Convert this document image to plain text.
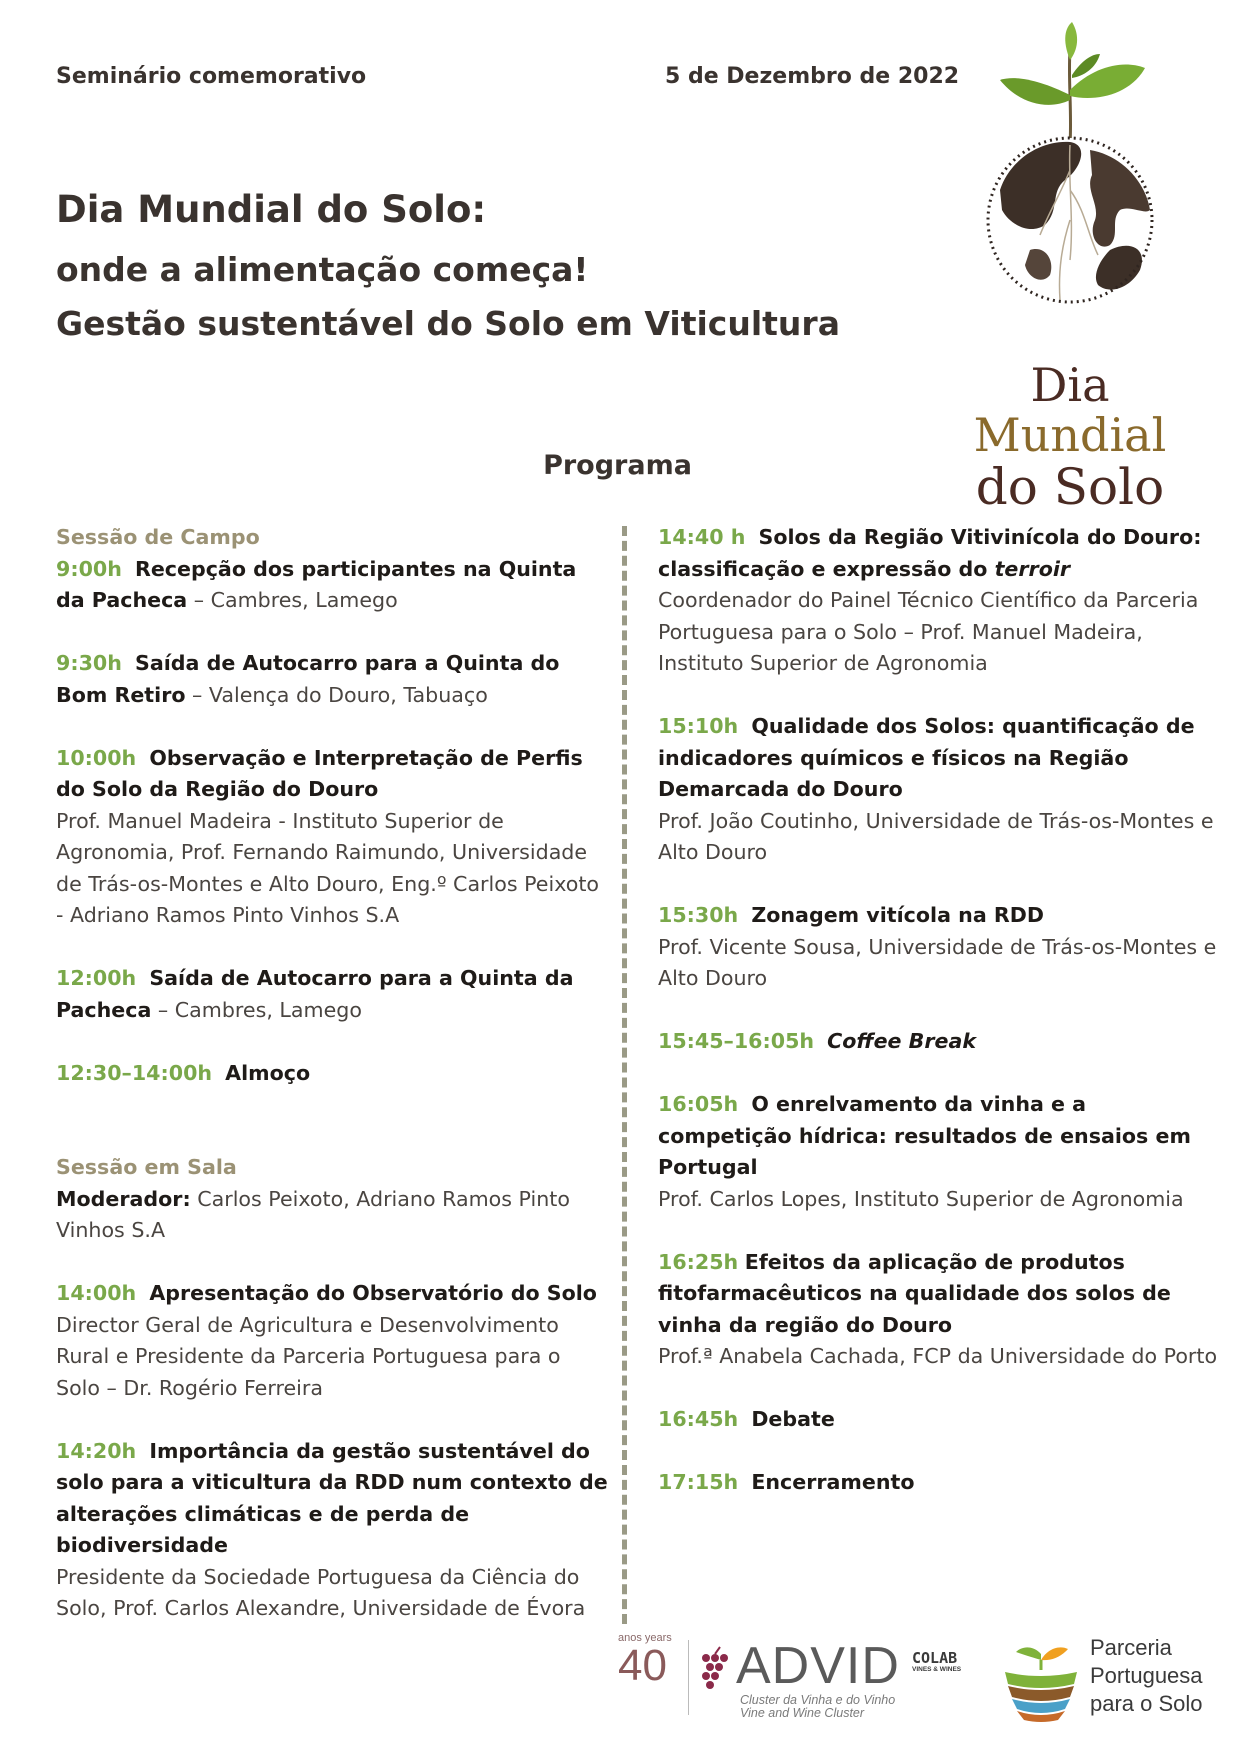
Seminário comemorativo	5 de Dezembro de 2022
Dia Mundial do Solo:
onde a alimentação começa!
Gestão sustentável do Solo em Viticultura
Dia Mundial
do Solo
Programa
Sessão de Campo
9:00h Recepção dos participantes na Quinta da Pacheca – Cambres, Lamego
9:30h Saída de Autocarro para a Quinta do Bom Retiro – Valença do Douro, Tabuaço
10:00h Observação e Interpretação de Perfis do Solo da Região do Douro
Prof. Manuel Madeira - Instituto Superior de Agronomia, Prof. Fernando Raimundo, Universidade de Trás-os-Montes e Alto Douro, Eng.º Carlos Peixoto - Adriano Ramos Pinto Vinhos S.A
12:00h Saída de Autocarro para a Quinta da Pacheca – Cambres, Lamego
12:30–14:00h Almoço
Sessão em Sala
Moderador: Carlos Peixoto, Adriano Ramos Pinto Vinhos S.A
14:00h Apresentação do Observatório do Solo
Director Geral de Agricultura e Desenvolvimento Rural e Presidente da Parceria Portuguesa para o Solo – Dr. Rogério Ferreira
14:20h Importância da gestão sustentável do solo para a viticultura da RDD num contexto de alterações climáticas e de perda de biodiversidade
Presidente da Sociedade Portuguesa da Ciência do Solo, Prof. Carlos Alexandre, Universidade de Évora
14:40 h Solos da Região Vitivinícola do Douro: classificação e expressão do terroir
Coordenador do Painel Técnico Científico da Parceria Portuguesa para o Solo – Prof. Manuel Madeira, Instituto Superior de Agronomia
15:10h Qualidade dos Solos: quantificação de indicadores químicos e físicos na Região Demarcada do Douro
Prof. João Coutinho, Universidade de Trás-os-Montes e Alto Douro
15:30h Zonagem vitícola na RDD
Prof. Vicente Sousa, Universidade de Trás-os-Montes e Alto Douro
15:45–16:05h Coffee Break
16:05h O enrelvamento da vinha e a competição hídrica: resultados de ensaios em Portugal
Prof. Carlos Lopes, Instituto Superior de Agronomia
16:25h Efeitos da aplicação de produtos fitofarmacêuticos na qualidade dos solos de vinha da região do Douro
Prof.ª Anabela Cachada, FCP da Universidade do Porto
16:45h Debate
17:15h Encerramento
anos years
40 ADVID
Cluster da Vinha e do Vinho
Vine and Wine Cluster
COLAB
VINES & WINES
Parceria
Portuguesa
para o Solo
